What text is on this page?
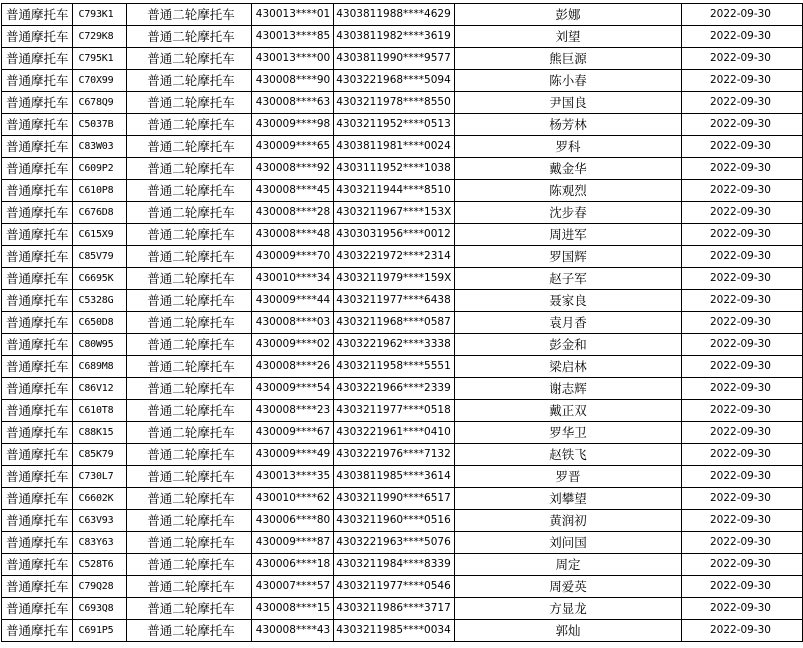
普通摩托车	C793K1	普通二轮摩托车	430013****01	4303811988****4629	彭娜	2022-09-30
普通摩托车	C729K8	普通二轮摩托车	430013****85	4303811982****3619	刘望	2022-09-30
普通摩托车	C795K1	普通二轮摩托车	430013****00	4303811990****9577	熊巨源	2022-09-30
普通摩托车	C70X99	普通二轮摩托车	430008****90	4303221968****5094	陈小春	2022-09-30
普通摩托车	C678Q9	普通二轮摩托车	430008****63	4303211978****8550	尹国良	2022-09-30
普通摩托车	C5037B	普通二轮摩托车	430009****98	4303211952****0513	杨芳林	2022-09-30
普通摩托车	C83W03	普通二轮摩托车	430009****65	4303811981****0024	罗科	2022-09-30
普通摩托车	C609P2	普通二轮摩托车	430008****92	4303111952****1038	戴金华	2022-09-30
普通摩托车	C610P8	普通二轮摩托车	430008****45	4303211944****8510	陈观烈	2022-09-30
普通摩托车	C676D8	普通二轮摩托车	430008****28	4303211967****153X	沈步春	2022-09-30
普通摩托车	C615X9	普通二轮摩托车	430008****48	4303031956****0012	周进军	2022-09-30
普通摩托车	C85V79	普通二轮摩托车	430009****70	4303221972****2314	罗国辉	2022-09-30
普通摩托车	C6695K	普通二轮摩托车	430010****34	4303211979****159X	赵子军	2022-09-30
普通摩托车	C5328G	普通二轮摩托车	430009****44	4303211977****6438	聂家良	2022-09-30
普通摩托车	C650D8	普通二轮摩托车	430008****03	4303211968****0587	袁月香	2022-09-30
普通摩托车	C80W95	普通二轮摩托车	430009****02	4303221962****3338	彭金和	2022-09-30
普通摩托车	C689M8	普通二轮摩托车	430008****26	4303211958****5551	梁启林	2022-09-30
普通摩托车	C86V12	普通二轮摩托车	430009****54	4303221966****2339	谢志辉	2022-09-30
普通摩托车	C610T8	普通二轮摩托车	430008****23	4303211977****0518	戴正双	2022-09-30
普通摩托车	C88K15	普通二轮摩托车	430009****67	4303221961****0410	罗华卫	2022-09-30
普通摩托车	C85K79	普通二轮摩托车	430009****49	4303221976****7132	赵铁飞	2022-09-30
普通摩托车	C730L7	普通二轮摩托车	430013****35	4303811985****3614	罗晋	2022-09-30
普通摩托车	C6602K	普通二轮摩托车	430010****62	4303211990****6517	刘攀望	2022-09-30
普通摩托车	C63V93	普通二轮摩托车	430006****80	4303211960****0516	黄润初	2022-09-30
普通摩托车	C83Y63	普通二轮摩托车	430009****87	4303221963****5076	刘问国	2022-09-30
普通摩托车	C528T6	普通二轮摩托车	430006****18	4303211984****8339	周定	2022-09-30
普通摩托车	C79Q28	普通二轮摩托车	430007****57	4303211977****0546	周爱英	2022-09-30
普通摩托车	C693Q8	普通二轮摩托车	430008****15	4303211986****3717	方显龙	2022-09-30
普通摩托车	C691P5	普通二轮摩托车	430008****43	4303211985****0034	郭灿	2022-09-30
